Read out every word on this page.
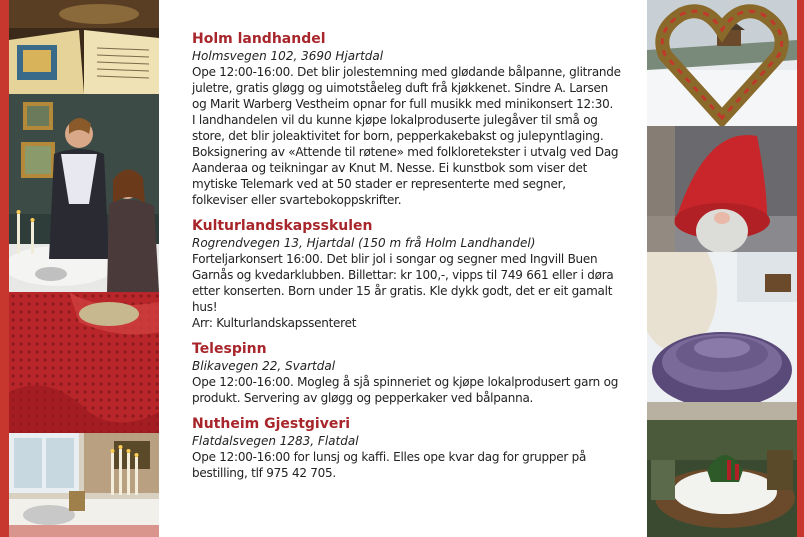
Holm landhandel

Holmsvegen 102, 3690 Hjartdal

Ope 12:00-16:00. Det blir jolestemning med glødande bålpanne, glitrande juletre, gratis gløgg og uimotståeleg duft frå kjøkkenet. Sindre A. Larsen og Marit Warberg Vestheim opnar for full musikk med minikonsert 12:30.
I landhandelen vil du kunne kjøpe lokalproduserte julegåver til små og store, det blir joleaktivitet for born, pepperkakebakst og julepyntlaging. Boksignering av «Attende til røtene» med folkloretekster i utvalg ved Dag Aanderaa og teikningar av Knut M. Nesse. Ei kunstbok som viser det mytiske Telemark ved at 50 stader er representerte med segner, folkeviser eller svartebokoppskrifter.

Kulturlandskapsskulen

Rogrendvegen 13, Hjartdal (150 m frå Holm Landhandel)

Forteljarkonsert 16:00. Det blir jol i songar og segner med Ingvill Buen Garnås og kvedarklubben. Billettar: kr 100,-, vipps til 749 661 eller i døra etter konserten. Born under 15 år gratis. Kle dykk godt, det er eit gamalt hus!
Arr: Kulturlandskapssenteret

Telespinn

Blikavegen 22, Svartdal

Ope 12:00-16:00. Mogleg å sjå spinneriet og kjøpe lokalprodusert garn og produkt. Servering av gløgg og pepperkaker ved bålpanna.

Nutheim Gjestgiveri

Flatdalsvegen 1283, Flatdal

Ope 12:00-16:00 for lunsj og kaffi. Elles ope kvar dag for grupper på bestilling, tlf 975 42 705.
